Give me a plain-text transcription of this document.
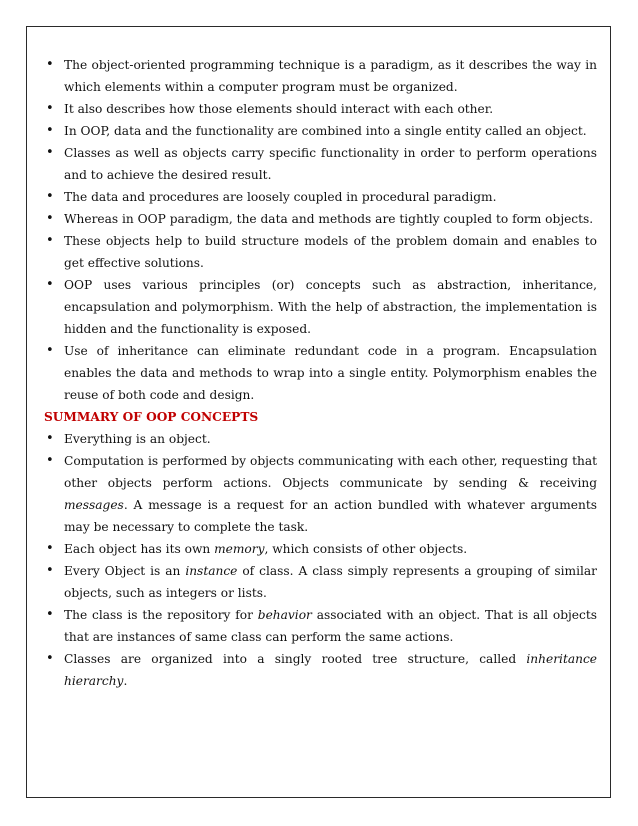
• The object-oriented programming technique is a paradigm, as it describes the way in which elements within a computer program must be organized.
• It also describes how those elements should interact with each other.
• In OOP, data and the functionality are combined into a single entity called an object.
• Classes as well as objects carry specific functionality in order to perform operations and to achieve the desired result.
• The data and procedures are loosely coupled in procedural paradigm.
• Whereas in OOP paradigm, the data and methods are tightly coupled to form objects.
• These objects help to build structure models of the problem domain and enables to get effective solutions.
• OOP uses various principles (or) concepts such as abstraction, inheritance, encapsulation and polymorphism. With the help of abstraction, the implementation is hidden and the functionality is exposed.
• Use of inheritance can eliminate redundant code in a program. Encapsulation enables the data and methods to wrap into a single entity. Polymorphism enables the reuse of both code and design.

SUMMARY OF OOP CONCEPTS

• Everything is an object.
• Computation is performed by objects communicating with each other, requesting that other objects perform actions. Objects communicate by sending & receiving messages. A message is a request for an action bundled with whatever arguments may be necessary to complete the task.
• Each object has its own memory, which consists of other objects.
• Every Object is an instance of class. A class simply represents a grouping of similar objects, such as integers or lists.
• The class is the repository for behavior associated with an object. That is all objects that are instances of same class can perform the same actions.
• Classes are organized into a singly rooted tree structure, called inheritance hierarchy.
